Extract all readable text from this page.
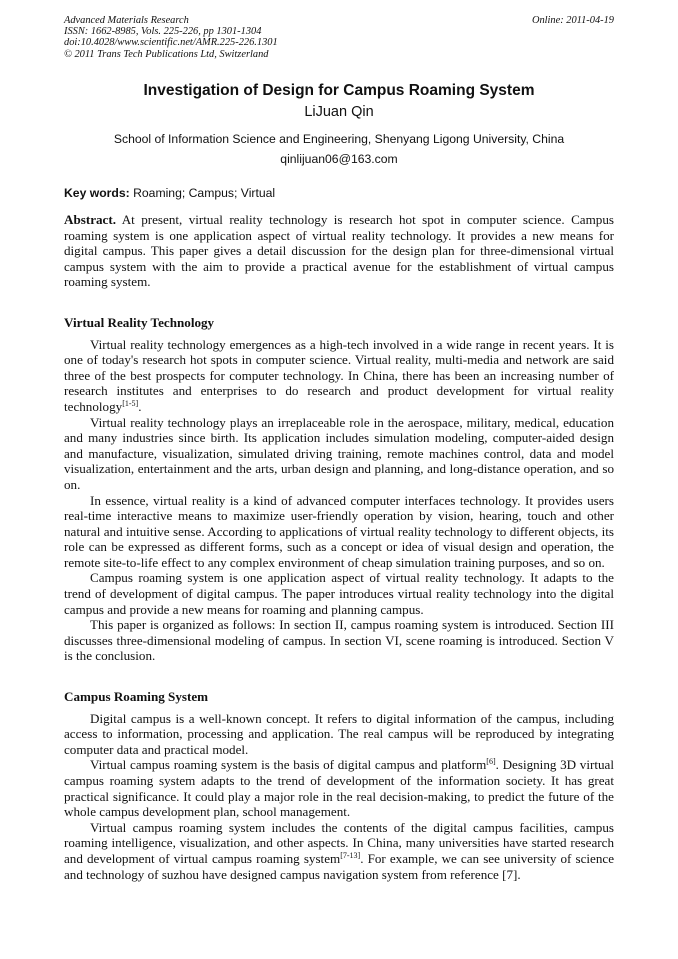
Advanced Materials Research
ISSN: 1662-8985, Vols. 225-226, pp 1301-1304
doi:10.4028/www.scientific.net/AMR.225-226.1301
© 2011 Trans Tech Publications Ltd, Switzerland
Online: 2011-04-19
Investigation of Design for Campus Roaming System
LiJuan Qin
School of Information Science and Engineering, Shenyang Ligong University, China
qinlijuan06@163.com
Key words: Roaming; Campus; Virtual

Abstract. At present, virtual reality technology is research hot spot in computer science. Campus roaming system is one application aspect of virtual reality technology. It provides a new means for digital campus. This paper gives a detail discussion for the design plan for three-dimensional virtual campus system with the aim to provide a practical avenue for the establishment of virtual campus roaming system.

Virtual Reality Technology

Virtual reality technology emergences as a high-tech involved in a wide range in recent years. It is one of today's research hot spots in computer science. Virtual reality, multi-media and network are said three of the best prospects for computer technology. In China, there has been an increasing number of research institutes and enterprises to do research and product development for virtual reality technology[1-5].

Virtual reality technology plays an irreplaceable role in the aerospace, military, medical, education and many industries since birth. Its application includes simulation modeling, computer-aided design and manufacture, visualization, simulated driving training, remote machines control, data and model visualization, entertainment and the arts, urban design and planning, and long-distance operation, and so on.

In essence, virtual reality is a kind of advanced computer interfaces technology. It provides users real-time interactive means to maximize user-friendly operation by vision, hearing, touch and other natural and intuitive sense. According to applications of virtual reality technology to different objects, its role can be expressed as different forms, such as a concept or idea of visual design and operation, the remote site-to-life effect to any complex environment of cheap simulation training purposes, and so on.

Campus roaming system is one application aspect of virtual reality technology. It adapts to the trend of development of digital campus. The paper introduces virtual reality technology into the digital campus and provide a new means for roaming and planning campus.

This paper is organized as follows: In section II, campus roaming system is introduced. Section III discusses three-dimensional modeling of campus. In section VI, scene roaming is introduced. Section V is the conclusion.

Campus Roaming System

Digital campus is a well-known concept. It refers to digital information of the campus, including access to information, processing and application. The real campus will be reproduced by integrating computer data and practical model.

Virtual campus roaming system is the basis of digital campus and platform[6]. Designing 3D virtual campus roaming system adapts to the trend of development of the information society. It has great practical significance. It could play a major role in the real decision-making, to predict the future of the whole campus development plan, school management.

Virtual campus roaming system includes the contents of the digital campus facilities, campus roaming intelligence, visualization, and other aspects. In China, many universities have started research and development of virtual campus roaming system[7-13]. For example, we can see university of science and technology of suzhou have designed campus navigation system from reference [7].
